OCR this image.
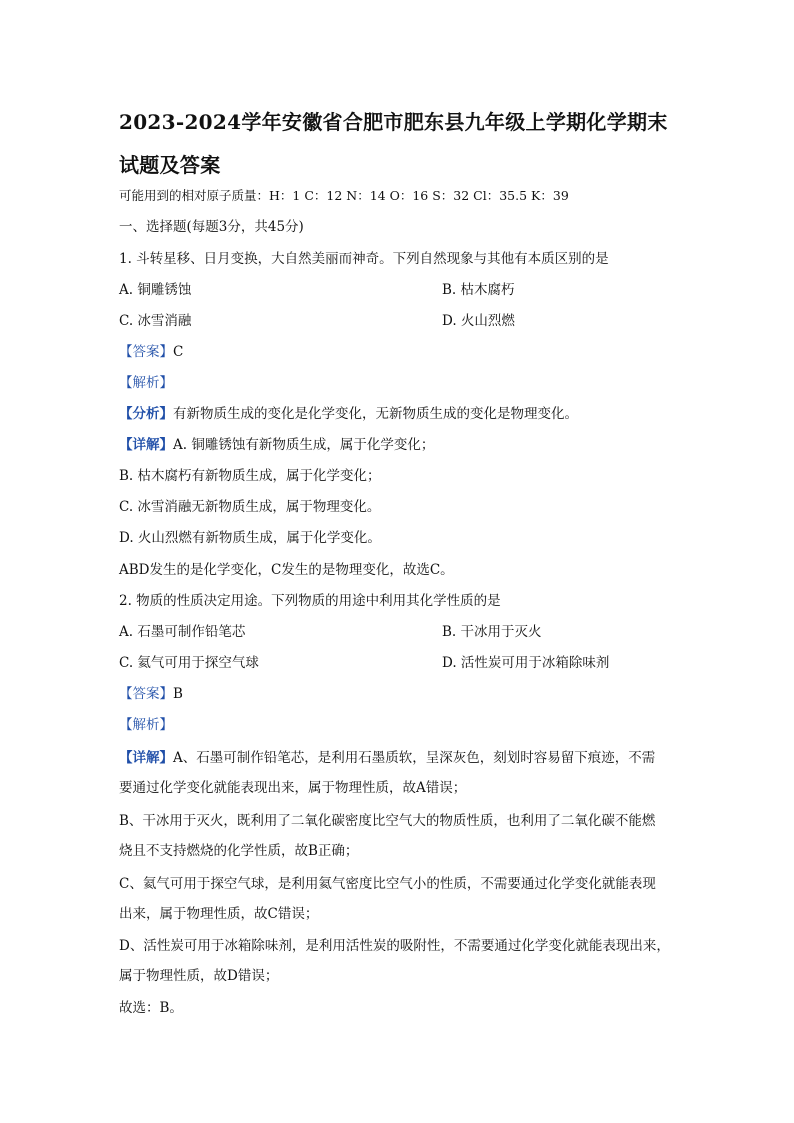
2023-2024学年安徽省合肥市肥东县九年级上学期化学期末
试题及答案
可能用到的相对原子质量：H：1 C：12 N：14 O：16 S：32 Cl：35.5 K：39
一、选择题(每题3分，共45分)
1. 斗转星移、日月变换，大自然美丽而神奇。下列自然现象与其他有本质区别的是
A. 铜雕锈蚀	B. 枯木腐朽
C. 冰雪消融	D. 火山烈燃
【答案】C
【解析】
【分析】有新物质生成的变化是化学变化，无新物质生成的变化是物理变化。
【详解】A. 铜雕锈蚀有新物质生成，属于化学变化；
B. 枯木腐朽有新物质生成，属于化学变化；
C. 冰雪消融无新物质生成，属于物理变化。
D. 火山烈燃有新物质生成，属于化学变化。
ABD发生的是化学变化，C发生的是物理变化，故选C。
2. 物质的性质决定用途。下列物质的用途中利用其化学性质的是
A. 石墨可制作铅笔芯	B. 干冰用于灭火
C. 氦气可用于探空气球	D. 活性炭可用于冰箱除味剂
【答案】B
【解析】
【详解】A、石墨可制作铅笔芯，是利用石墨质软，呈深灰色，刻划时容易留下痕迹，不需
要通过化学变化就能表现出来，属于物理性质，故A错误；
B、干冰用于灭火，既利用了二氧化碳密度比空气大的物质性质，也利用了二氧化碳不能燃
烧且不支持燃烧的化学性质，故B正确；
C、氦气可用于探空气球，是利用氦气密度比空气小的性质，不需要通过化学变化就能表现
出来，属于物理性质，故C错误；
D、活性炭可用于冰箱除味剂，是利用活性炭的吸附性，不需要通过化学变化就能表现出来，
属于物理性质，故D错误；
故选：B。
